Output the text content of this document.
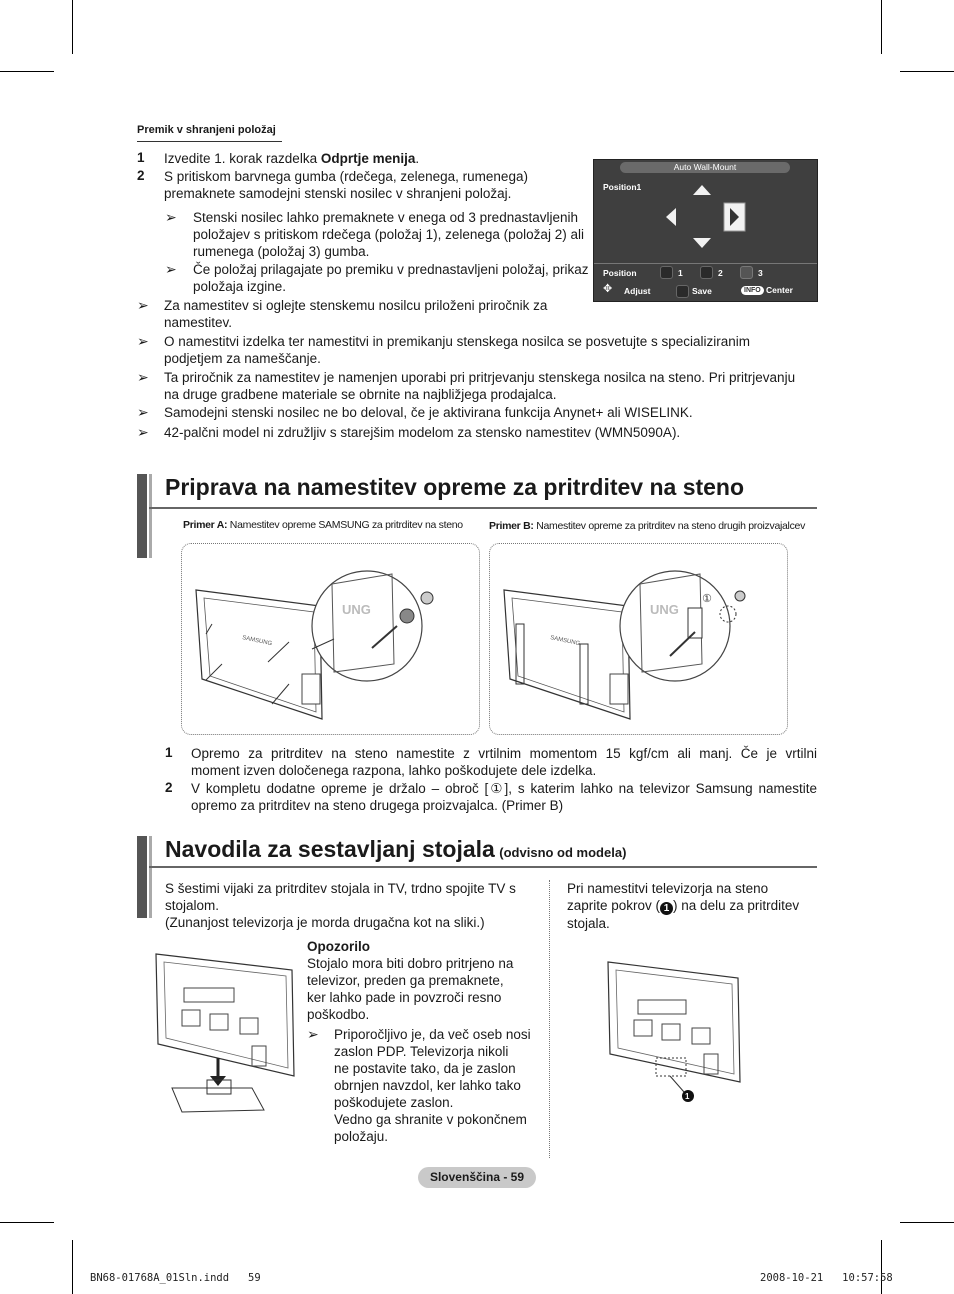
Premik v shranjeni položaj
1 Izvedite 1. korak razdelka Odprtje menija.
2 S pritiskom barvnega gumba (rdečega, zelenega, rumenega)
premaknete samodejni stenski nosilec v shranjeni položaj.
➢ Stenski nosilec lahko premaknete v enega od 3 prednastavljenih
položajev s pritiskom rdečega (položaj 1), zelenega (položaj 2) ali
rumenega (položaj 3) gumba.
➢ Če položaj prilagajate po premiku v prednastavljeni položaj, prikaz
položaja izgine.
➢ Za namestitev si oglejte stenskemu nosilcu priloženi priročnik za
namestitev.
➢ O namestitvi izdelka ter namestitvi in premikanju stenskega nosilca se posvetujte s specializiranim
podjetjem za nameščanje.
➢ Ta priročnik za namestitev je namenjen uporabi pri pritrjevanju stenskega nosilca na steno. Pri pritrjevanju
na druge gradbene materiale se obrnite na najbližjega prodajalca.
➢ Samodejni stenski nosilec ne bo deloval, če je aktivirana funkcija Anynet+ ali WISELINK.
➢ 42-palčni model ni združljiv s starejšim modelom za stensko namestitev (WMN5090A).
Auto Wall-Mount
Position1
Position	1	2	3
✥ Adjust	Save	INFO Center
Priprava na namestitev opreme za pritrditev na steno
Primer A: Namestitev opreme SAMSUNG za pritrditev na steno Primer B: Namestitev opreme za pritrditev na steno drugih proizvajalcev
SAMSUNG
UNG
SAMSUNG
UNG
①
1 Opremo za pritrditev na steno namestite z vrtilnim momentom 15 kgf/cm ali manj. Če je vrtilni
moment izven določenega razpona, lahko poškodujete dele izdelka.
2 V kompletu dodatne opreme je držalo – obroč [①], s katerim lahko na televizor Samsung namestite
opremo za pritrditev na steno drugega proizvajalca. (Primer B)
Navodila za sestavljanj stojala (odvisno od modela)
S šestimi vijaki za pritrditev stojala in TV, trdno spojite TV s
stojalom.
(Zunanjost televizorja je morda drugačna kot na sliki.)
Opozorilo
Stojalo mora biti dobro pritrjeno na
televizor, preden ga premaknete,
ker lahko pade in povzroči resno
poškodbo.
➢ Priporočljivo je, da več oseb nosi
zaslon PDP. Televizorja nikoli
ne postavite tako, da je zaslon
obrnjen navzdol, ker lahko tako
poškodujete zaslon.
Vedno ga shranite v pokončnem
položaju.
Pri namestitvi televizorja na steno
zaprite pokrov ( 1 ) na delu za pritrditev
stojala.
1
Slovenščina - 59
BN68-01768A_01Sln.indd   59	2008-10-21   10:57:58
